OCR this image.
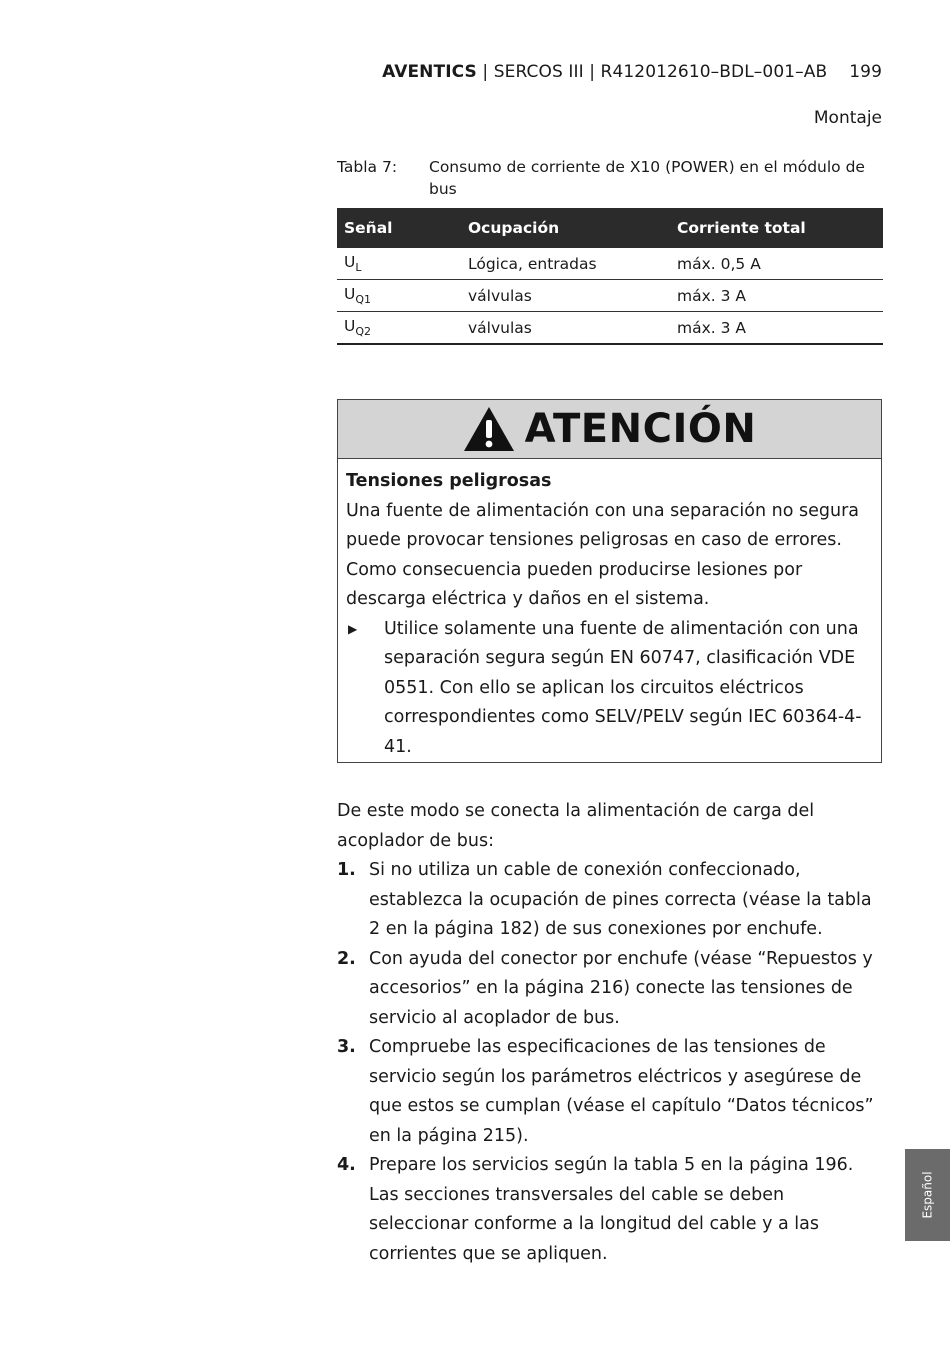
AVENTICS | SERCOS III | R412012610–BDL–001–AB 199
Montaje
Tabla 7:	Consumo de corriente de X10 (POWER) en el módulo de bus
Señal	Ocupación	Corriente total
$U_L$	Lógica, entradas	máx. 0,5 A
$U_{Q1}$	válvulas	máx. 3 A
$U_{Q2}$	válvulas	máx. 3 A
ATENCIÓN
Tensiones peligrosas
Una fuente de alimentación con una separación no segura puede provocar tensiones peligrosas en caso de errores. Como consecuencia pueden producirse lesiones por descarga eléctrica y daños en el sistema.
▶	Utilice solamente una fuente de alimentación con una separación segura según EN 60747, clasificación VDE 0551. Con ello se aplican los circuitos eléctricos correspondientes como SELV/PELV según IEC 60364-4-41.
De este modo se conecta la alimentación de carga del acoplador de bus:
1. Si no utiliza un cable de conexión confeccionado, establezca la ocupación de pines correcta (véase la tabla 2 en la página 182) de sus conexiones por enchufe.
2. Con ayuda del conector por enchufe (véase “Repuestos y accesorios” en la página 216) conecte las tensiones de servicio al acoplador de bus.
3. Compruebe las especificaciones de las tensiones de servicio según los parámetros eléctricos y asegúrese de que estos se cumplan (véase el capítulo “Datos técnicos” en la página 215).
4. Prepare los servicios según la tabla 5 en la página 196. Las secciones transversales del cable se deben seleccionar conforme a la longitud del cable y a las corrientes que se apliquen.
Español
